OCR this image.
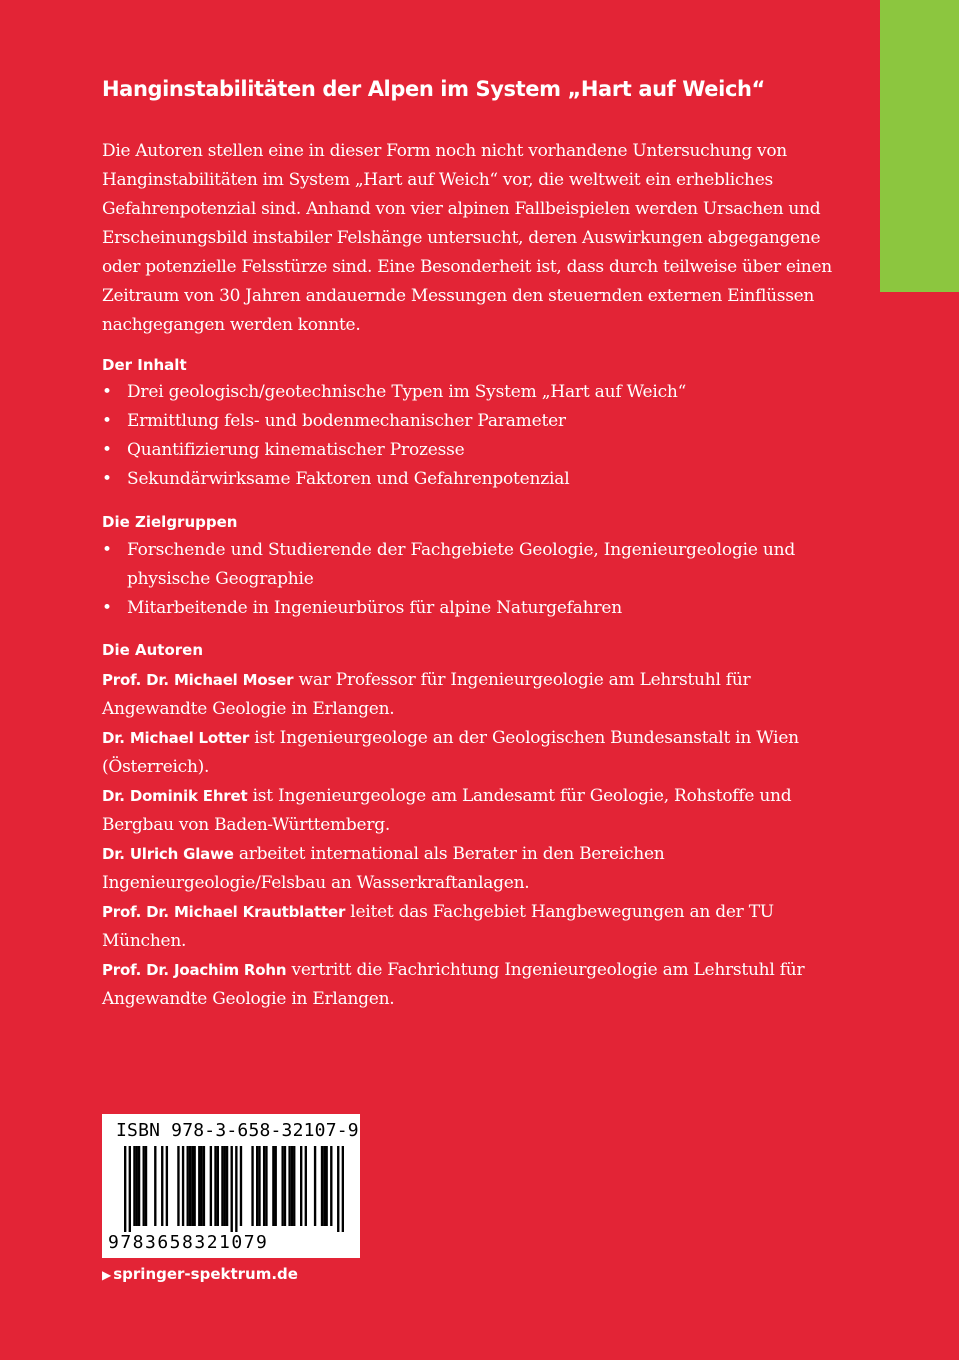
Hanginstabilitäten der Alpen im System „Hart auf Weich“

Die Autoren stellen eine in dieser Form noch nicht vorhandene Untersuchung von Hanginstabilitäten im System „Hart auf Weich“ vor, die weltweit ein erhebliches Gefahrenpotenzial sind. Anhand von vier alpinen Fallbeispielen werden Ursachen und Erscheinungsbild instabiler Felshänge untersucht, deren Auswirkungen abgegangene oder potenzielle Felsstürze sind. Eine Besonderheit ist, dass durch teilweise über einen Zeitraum von 30 Jahren andauernde Messungen den steuernden externen Einflüssen nachgegangen werden konnte.

Der Inhalt
• Drei geologisch/geotechnische Typen im System „Hart auf Weich“
• Ermittlung fels- und bodenmechanischer Parameter
• Quantifizierung kinematischer Prozesse
• Sekundärwirksame Faktoren und Gefahrenpotenzial
Die Zielgruppen
• Forschende und Studierende der Fachgebiete Geologie, Ingenieurgeologie und physische Geographie
• Mitarbeitende in Ingenieurbüros für alpine Naturgefahren
Die Autoren
Prof. Dr. Michael Moser war Professor für Ingenieurgeologie am Lehrstuhl für Angewandte Geologie in Erlangen.
Dr. Michael Lotter ist Ingenieurgeologe an der Geologischen Bundesanstalt in Wien (Österreich).
Dr. Dominik Ehret ist Ingenieurgeologe am Landesamt für Geologie, Rohstoffe und Bergbau von Baden-Württemberg.
Dr. Ulrich Glawe arbeitet international als Berater in den Bereichen Ingenieurgeologie/Felsbau an Wasserkraftanlagen.
Prof. Dr. Michael Krautblatter leitet das Fachgebiet Hangbewegungen an der TU München.
Prof. Dr. Joachim Rohn vertritt die Fachrichtung Ingenieurgeologie am Lehrstuhl für Angewandte Geologie in Erlangen.
ISBN 978-3-658-32107-9
9783658321079

▶ springer-spektrum.de
